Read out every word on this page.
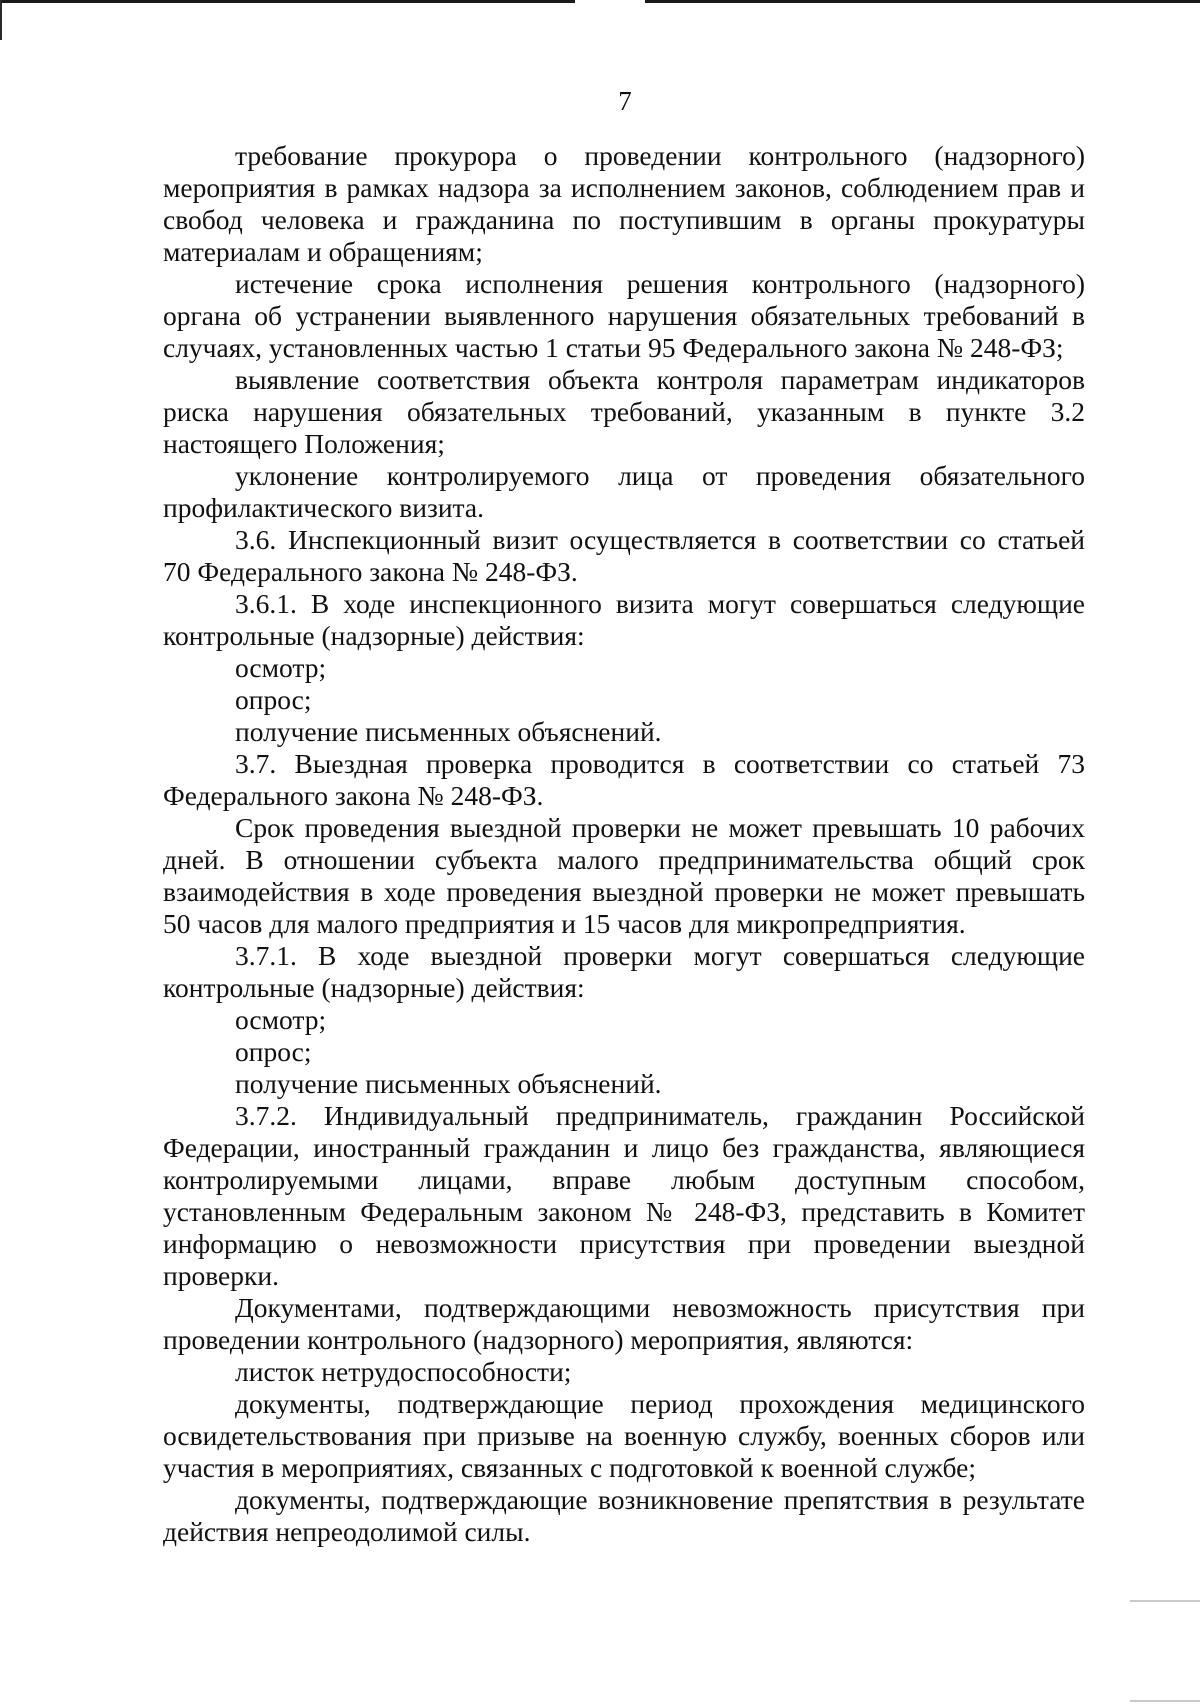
7

требование прокурора о проведении контрольного (надзорного) мероприятия в рамках надзора за исполнением законов, соблюдением прав и свобод человека и гражданина по поступившим в органы прокуратуры материалам и обращениям;

истечение срока исполнения решения контрольного (надзорного) органа об устранении выявленного нарушения обязательных требований в случаях, установленных частью 1 статьи 95 Федерального закона № 248-ФЗ;

выявление соответствия объекта контроля параметрам индикаторов риска нарушения обязательных требований, указанным в пункте 3.2 настоящего Положения;

уклонение контролируемого лица от проведения обязательного профилактического визита.

3.6. Инспекционный визит осуществляется в соответствии со статьей 70 Федерального закона № 248-ФЗ.

3.6.1. В ходе инспекционного визита могут совершаться следующие контрольные (надзорные) действия:

осмотр;

опрос;

получение письменных объяснений.

3.7. Выездная проверка проводится в соответствии со статьей 73 Федерального закона № 248-ФЗ.

Срок проведения выездной проверки не может превышать 10 рабочих дней. В отношении субъекта малого предпринимательства общий срок взаимодействия в ходе проведения выездной проверки не может превышать 50 часов для малого предприятия и 15 часов для микропредприятия.

3.7.1. В ходе выездной проверки могут совершаться следующие контрольные (надзорные) действия:

осмотр;

опрос;

получение письменных объяснений.

3.7.2. Индивидуальный предприниматель, гражданин Российской Федерации, иностранный гражданин и лицо без гражданства, являющиеся контролируемыми лицами, вправе любым доступным способом, установленным Федеральным законом № 248-ФЗ, представить в Комитет информацию о невозможности присутствия при проведении выездной проверки.

Документами, подтверждающими невозможность присутствия при проведении контрольного (надзорного) мероприятия, являются:

листок нетрудоспособности;

документы, подтверждающие период прохождения медицинского освидетельствования при призыве на военную службу, военных сборов или участия в мероприятиях, связанных с подготовкой к военной службе;

документы, подтверждающие возникновение препятствия в результате действия непреодолимой силы.
